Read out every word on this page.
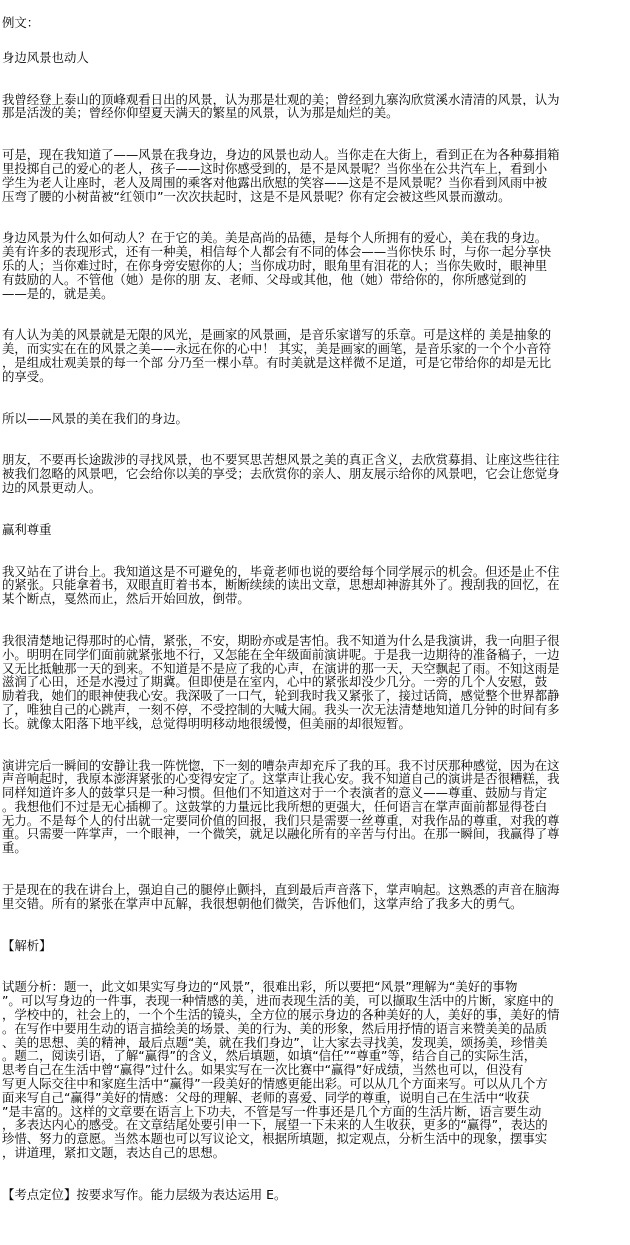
例文：

身边风景也动人

我曾经登上泰山的顶峰观看日出的风景，认为那是壮观的美；曾经到九寨沟欣赏溪水清清的风景，认为

那是活泼的美；曾经你仰望夏天满天的繁星的风景，认为那是灿烂的美。

可是，现在我知道了——风景在我身边，身边的风景也动人。当你走在大街上，看到正在为各种募捐箱

里投掷自己的爱心的老人，孩子——这时你感受到的，是不是风景呢？当你坐在公共汽车上，看到小

学生为老人让座时，老人及周围的乘客对他露出欣慰的笑容——这是不是风景呢？当你看到风雨中被

压弯了腰的小树苗被“红领巾”一次次扶起时，这是不是风景呢？你有定会被这些风景而激动。

身边风景为什么如何动人？在于它的美。美是高尚的品德，是每个人所拥有的爱心，美在我的身边。

美有许多的表现形式，还有一种美，相信每个人都会有不同的体会——当你快乐 时，与你一起分享快

乐的人；当你难过时，在你身旁安慰你的人；当你成功时，眼角里有泪花的人；当你失败时，眼神里

有鼓励的人。不管他（她）是你的朋 友、老师、父母或其他，他（她）带给你的，你所感觉到的

——是的，就是美。

有人认为美的风景就是无限的风光，是画家的风景画，是音乐家谱写的乐章。可是这样的 美是抽象的

美，而实实在在的风景之美——永远在你的心中！ 其实，美是画家的画笔，是音乐家的一个个小音符

，是组成壮观美景的每一个部 分乃至一棵小草。有时美就是这样微不足道，可是它带给你的却是无比

的享受。

所以——风景的美在我们的身边。

朋友，不要再长途跋涉的寻找风景，也不要冥思苦想风景之美的真正含义，去欣赏募捐、让座这些往往

被我们忽略的风景吧，它会给你以美的享受；去欣赏你的亲人、朋友展示给你的风景吧，它会让您觉身

边的风景更动人。

赢利尊重

我又站在了讲台上。我知道这是不可避免的，毕竟老师也说的要给每个同学展示的机会。但还是止不住

的紧张。只能拿着书，双眼直盯着书本，断断续续的读出文章，思想却神游其外了。搜刮我的回忆，在

某个断点，戛然而止，然后开始回放，倒带。

我很清楚地记得那时的心情，紧张，不安，期盼亦或是害怕。我不知道为什么是我演讲，我一向胆子很

小。明明在同学们面前就紧张地不行，又怎能在全年级面前演讲呢。于是我一边期待的准备稿子，一边

又无比抵触那一天的到来。不知道是不是应了我的心声，在演讲的那一天，天空飘起了雨。不知这雨是

滋润了心田，还是水漫过了期冀。但即使是在室内，心中的紧张却没少几分。一旁的几个人安慰，鼓

励着我，她们的眼神使我心安。我深吸了一口气，轮到我时我又紧张了，接过话筒，感觉整个世界都静

了，唯独自己的心跳声，一刻不停，不受控制的大喊大闹。我头一次无法清楚地知道几分钟的时间有多

长。就像太阳落下地平线，总觉得明明移动地很缓慢，但美丽的却很短暂。

演讲完后一瞬间的安静让我一阵恍惚，下一刻的嘈杂声却充斥了我的耳。我不讨厌那种感觉，因为在这

声音响起时，我原本澎湃紧张的心变得安定了。这掌声让我心安。我不知道自己的演讲是否很糟糕，我

同样知道许多人的鼓掌只是一种习惯。但他们不知道这对于一个表演者的意义——尊重、鼓励与肯定

。我想他们不过是无心插柳了。这鼓掌的力量远比我所想的更强大，任何语言在掌声面前都显得苍白

无力。不是每个人的付出就一定要同价值的回报，我们只是需要一丝尊重，对我作品的尊重，对我的尊

重。只需要一阵掌声，一个眼神，一个微笑，就足以融化所有的辛苦与付出。在那一瞬间，我赢得了尊

重。

于是现在的我在讲台上，强迫自己的腿停止颤抖，直到最后声音落下，掌声响起。这熟悉的声音在脑海

里交错。所有的紧张在掌声中瓦解，我很想朝他们微笑，告诉他们，这掌声给了我多大的勇气。

【解析】

试题分析：题一，此文如果实写身边的“风景”，很难出彩，所以要把“风景”理解为“美好的事物

”。可以写身边的一件事，表现一种情感的美，进而表现生活的美，可以撷取生活中的片断，家庭中的

，学校中的，社会上的，一个个生活的镜头，全方位的展示身边的各种美好的人，美好的事，美好的情

。在写作中要用生动的语言描绘美的场景、美的行为、美的形象，然后用抒情的语言来赞美美的品质

、美的思想、美的精神，最后点题“美，就在我们身边”，让大家去寻找美，发现美，颂扬美，珍惜美

。题二，阅读引语，了解“赢得”的含义，然后填题，如填“信任”“尊重”等，结合自己的实际生活，

思考自己在生活中曾“赢得”过什么。如果实写在一次比赛中“赢得”好成绩，当然也可以，但没有

写更人际交往中和家庭生活中“赢得”一段美好的情感更能出彩。可以从几个方面来写。可以从几个方

面来写自己“赢得”美好的情感：父母的理解、老师的喜爱、同学的尊重，说明自己在生活中“收获

”是丰富的。这样的文章要在语言上下功夫，不管是写一件事还是几个方面的生活片断，语言要生动

，多表达内心的感受。在文章结尾处要引申一下，展望一下未来的人生收获，更多的“赢得”，表达的

珍惜、努力的意愿。当然本题也可以写议论文，根据所填题，拟定观点，分析生活中的现象，摆事实

，讲道理，紧扣文题，表达自己的思想。

【考点定位】按要求写作。能力层级为表达运用 E。
